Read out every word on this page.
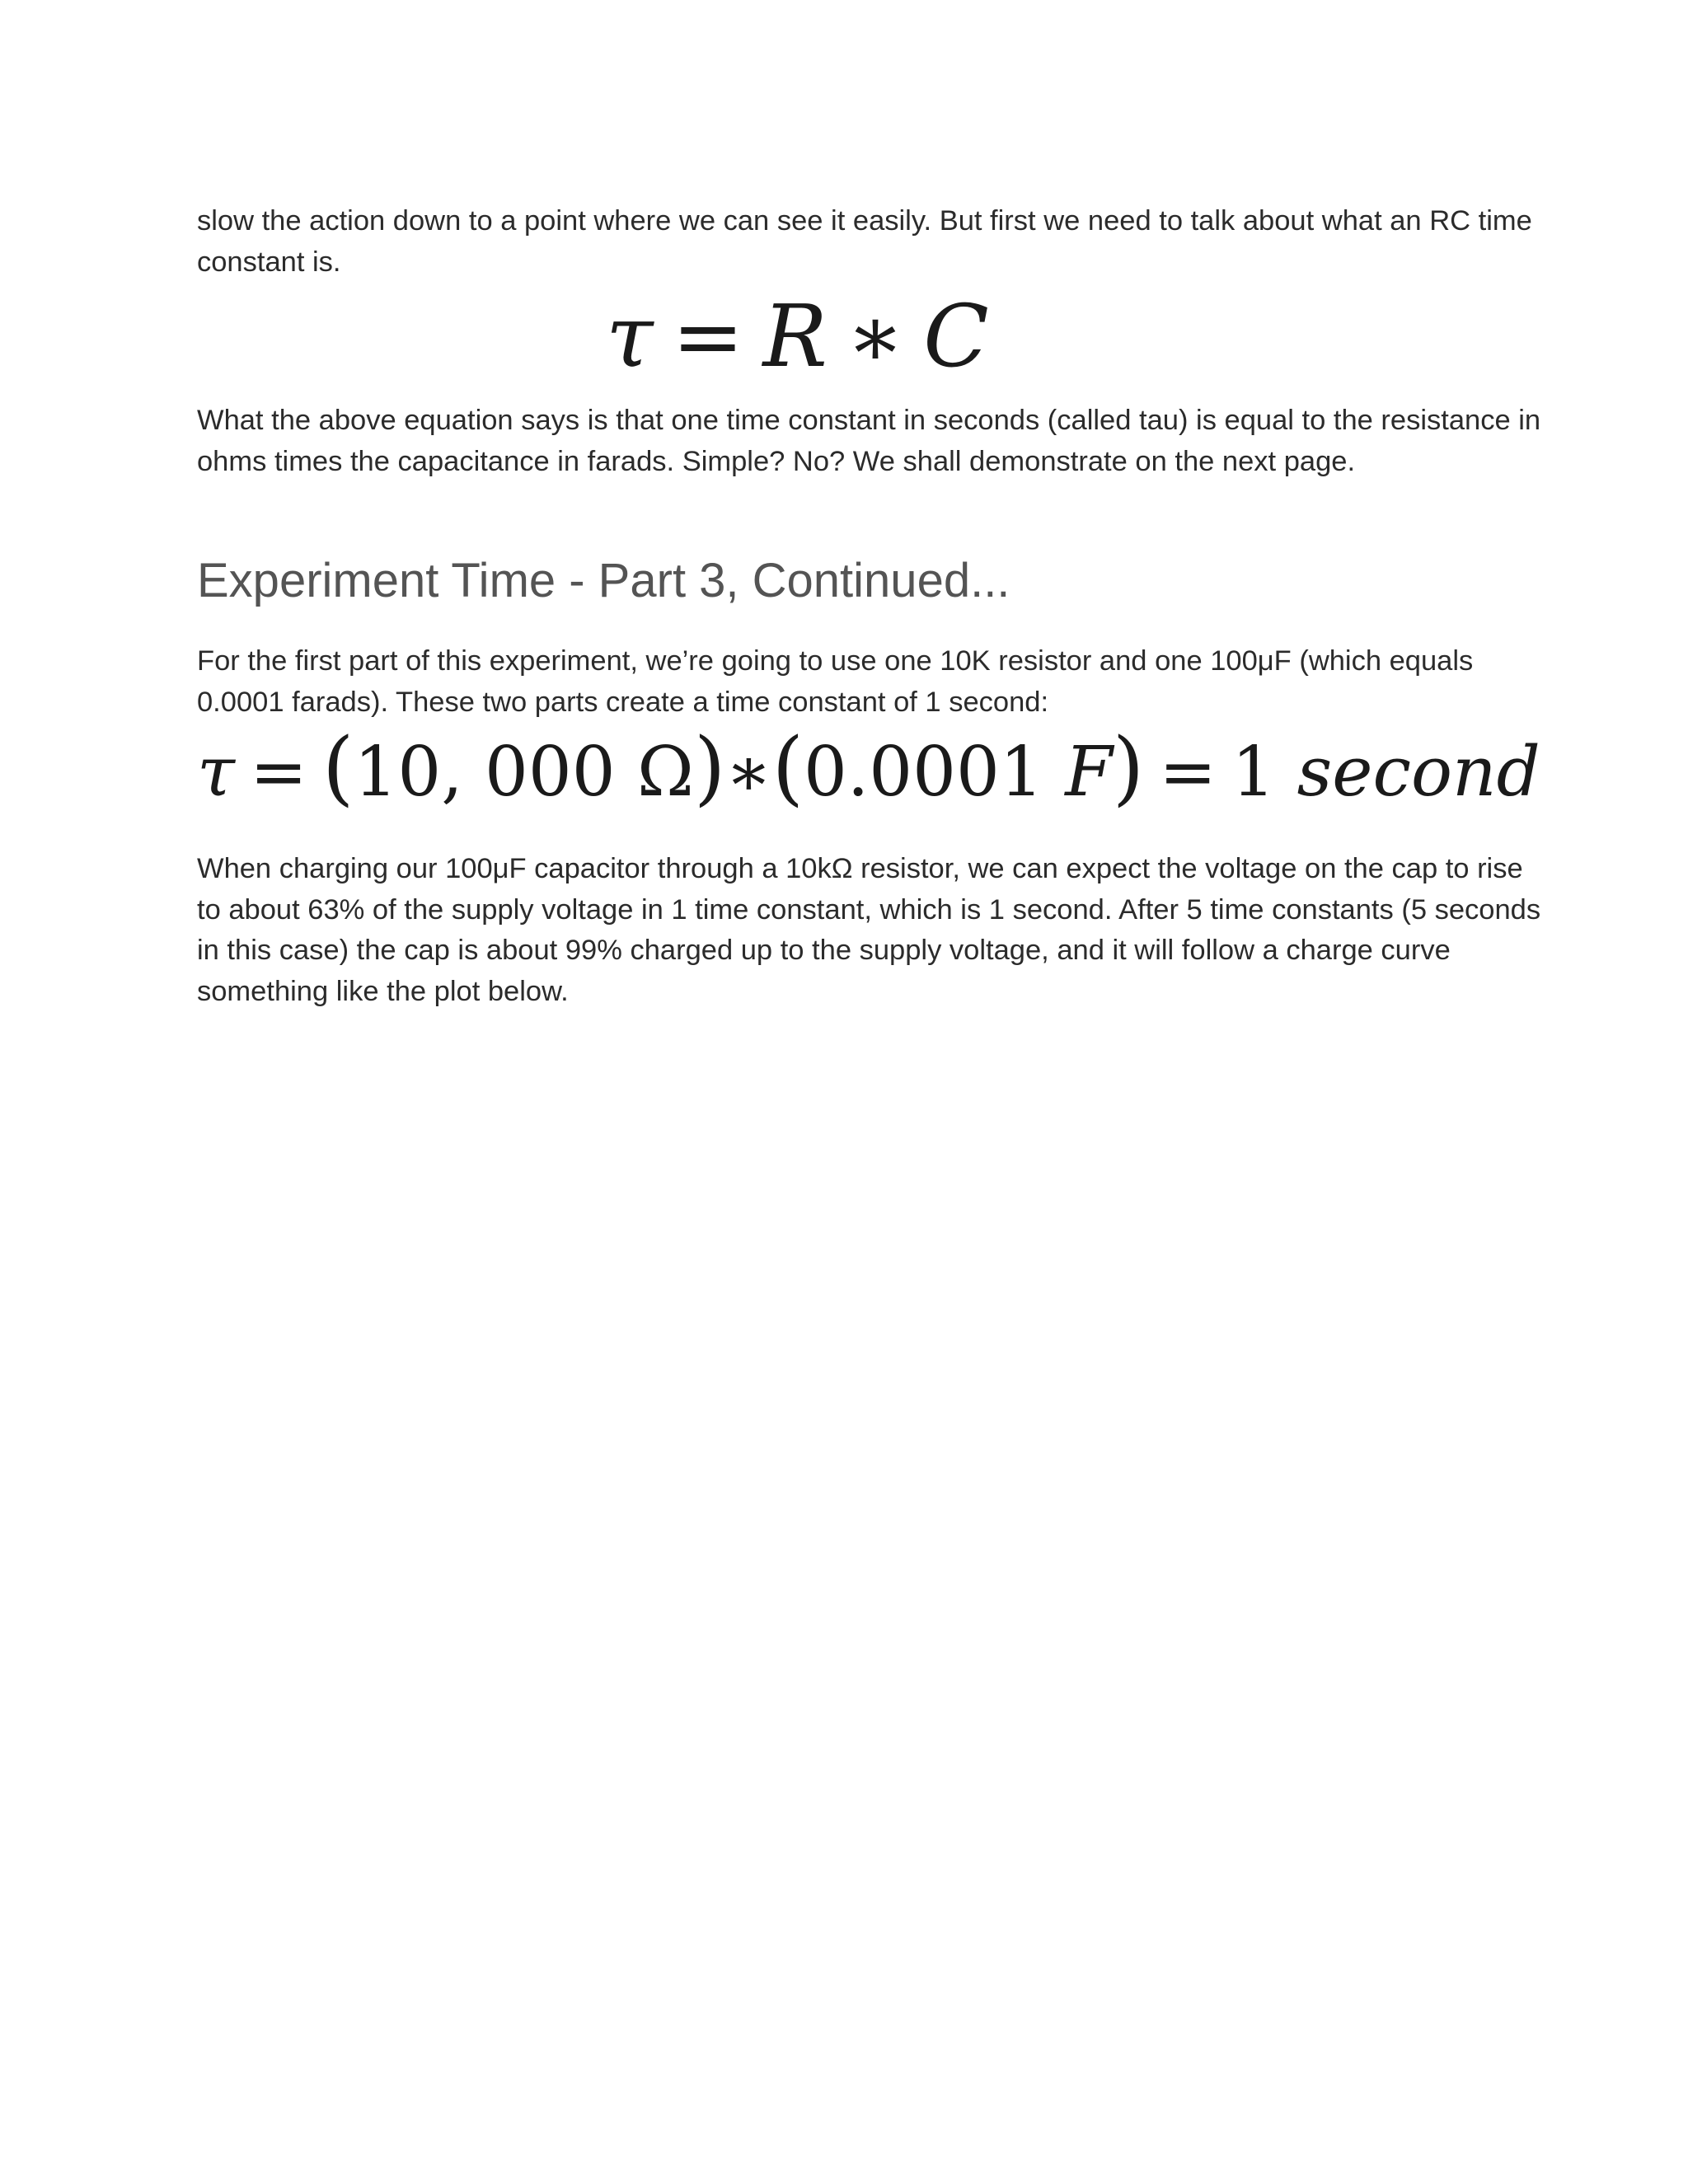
slow the action down to a point where we can see it easily. But first we need to talk about what an RC time constant is.

τ = R ∗ C

What the above equation says is that one time constant in seconds (called tau) is equal to the resistance in ohms times the capacitance in farads. Simple? No? We shall demonstrate on the next page.

Experiment Time - Part 3, Continued...

For the first part of this experiment, we’re going to use one 10K resistor and one 100μF (which equals 0.0001 farads). These two parts create a time constant of 1 second:

τ = (10, 000 Ω)∗(0.0001 F) = 1 second

When charging our 100μF capacitor through a 10kΩ resistor, we can expect the voltage on the cap to rise to about 63% of the supply voltage in 1 time constant, which is 1 second. After 5 time constants (5 seconds in this case) the cap is about 99% charged up to the supply voltage, and it will follow a charge curve something like the plot below.
